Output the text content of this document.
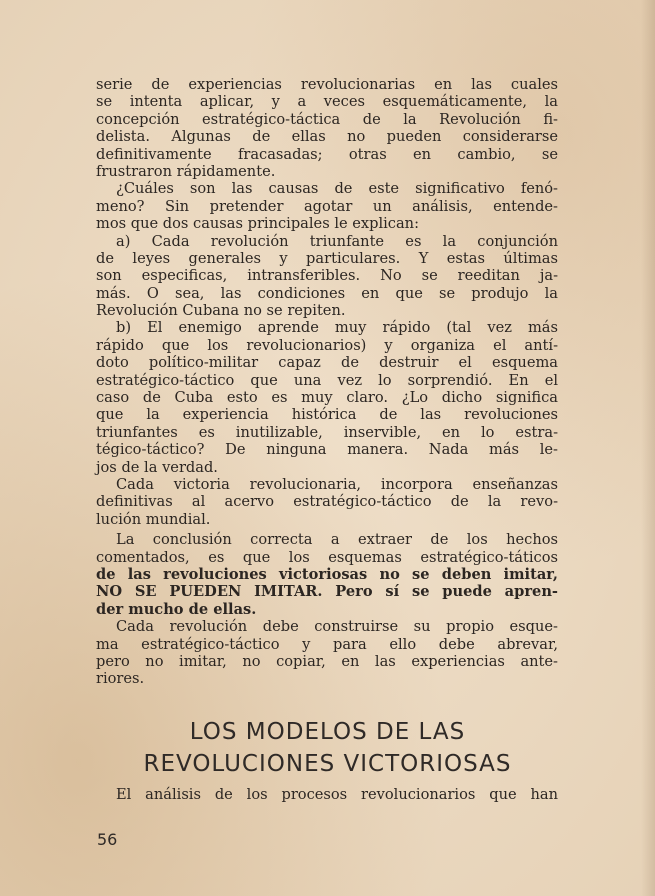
serie de experiencias revolucionarias en las cuales
se intenta aplicar, y a veces esquemáticamente, la
concepción estratégico-táctica de la Revolución fi-
delista. Algunas de ellas no pueden considerarse
definitivamente fracasadas; otras en cambio, se
frustraron rápidamente.
¿Cuáles son las causas de este significativo fenó-
meno? Sin pretender agotar un análisis, entende-
mos que dos causas principales le explican:
a) Cada revolución triunfante es la conjunción
de leyes generales y particulares. Y estas últimas
son especificas, intransferibles. No se reeditan ja-
más. O sea, las condiciones en que se produjo la
Revolución Cubana no se repiten.
b) El enemigo aprende muy rápido (tal vez más
rápido que los revolucionarios) y organiza el antí-
doto político-militar capaz de destruir el esquema
estratégico-táctico que una vez lo sorprendió. En el
caso de Cuba esto es muy claro. ¿Lo dicho significa
que la experiencia histórica de las revoluciones
triunfantes es inutilizable, inservible, en lo estra-
tégico-táctico? De ninguna manera. Nada más le-
jos de la verdad.
Cada victoria revolucionaria, incorpora enseñanzas
definitivas al acervo estratégico-táctico de la revo-
lución mundial.
La conclusión correcta a extraer de los hechos
comentados, es que los esquemas estratégico-táticos
de las revoluciones victoriosas no se deben imitar,
NO SE PUEDEN IMITAR. Pero sí se puede apren-
der mucho de ellas.
Cada revolución debe construirse su propio esque-
ma estratégico-táctico y para ello debe abrevar,
pero no imitar, no copiar, en las experiencias ante-
riores.
LOS MODELOS DE LAS
REVOLUCIONES VICTORIOSAS
El análisis de los procesos revolucionarios que han
56
